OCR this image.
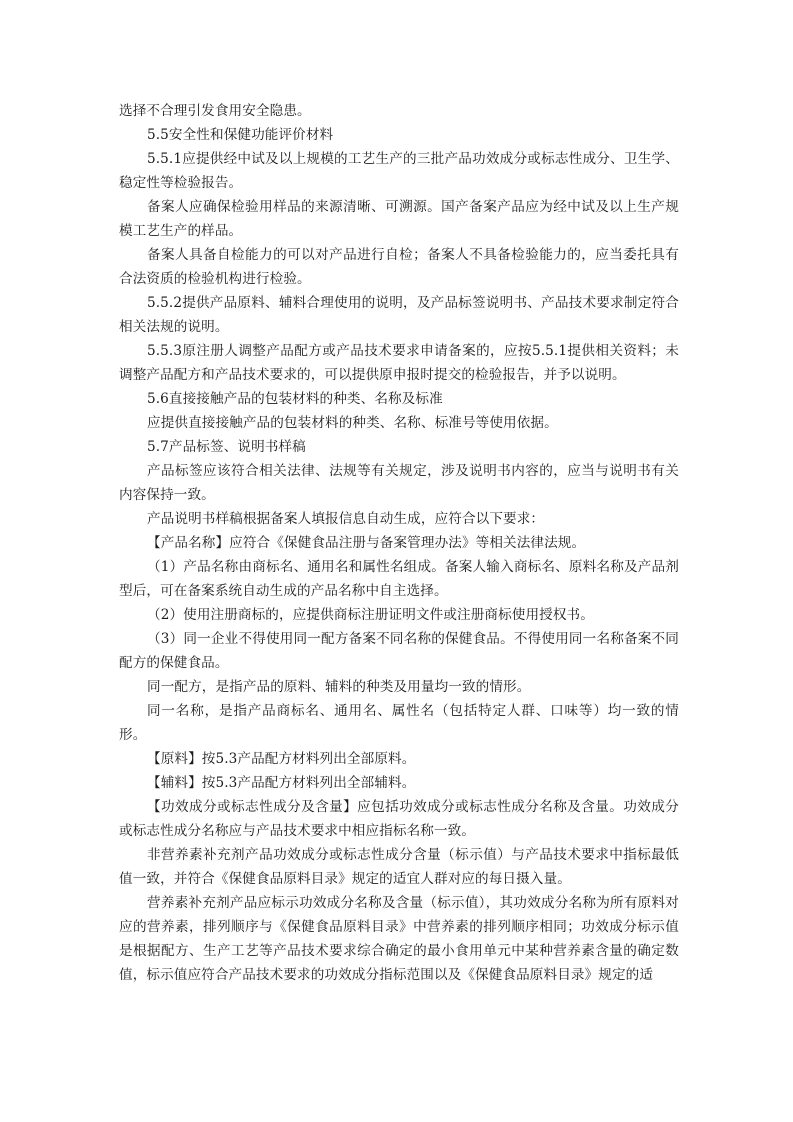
选择不合理引发食用安全隐患。

5.5安全性和保健功能评价材料

5.5.1应提供经中试及以上规模的工艺生产的三批产品功效成分或标志性成分、卫生学、稳定性等检验报告。

备案人应确保检验用样品的来源清晰、可溯源。国产备案产品应为经中试及以上生产规模工艺生产的样品。

备案人具备自检能力的可以对产品进行自检；备案人不具备检验能力的，应当委托具有合法资质的检验机构进行检验。

5.5.2提供产品原料、辅料合理使用的说明，及产品标签说明书、产品技术要求制定符合相关法规的说明。

5.5.3原注册人调整产品配方或产品技术要求申请备案的，应按5.5.1提供相关资料；未调整产品配方和产品技术要求的，可以提供原申报时提交的检验报告，并予以说明。

5.6直接接触产品的包装材料的种类、名称及标准

应提供直接接触产品的包装材料的种类、名称、标准号等使用依据。

5.7产品标签、说明书样稿

产品标签应该符合相关法律、法规等有关规定，涉及说明书内容的，应当与说明书有关内容保持一致。

产品说明书样稿根据备案人填报信息自动生成，应符合以下要求：

【产品名称】应符合《保健食品注册与备案管理办法》等相关法律法规。

（1）产品名称由商标名、通用名和属性名组成。备案人输入商标名、原料名称及产品剂型后，可在备案系统自动生成的产品名称中自主选择。

（2）使用注册商标的，应提供商标注册证明文件或注册商标使用授权书。

（3）同一企业不得使用同一配方备案不同名称的保健食品。不得使用同一名称备案不同配方的保健食品。

同一配方，是指产品的原料、辅料的种类及用量均一致的情形。

同一名称，是指产品商标名、通用名、属性名（包括特定人群、口味等）均一致的情形。

【原料】按5.3产品配方材料列出全部原料。

【辅料】按5.3产品配方材料列出全部辅料。

【功效成分或标志性成分及含量】应包括功效成分或标志性成分名称及含量。功效成分或标志性成分名称应与产品技术要求中相应指标名称一致。

非营养素补充剂产品功效成分或标志性成分含量（标示值）与产品技术要求中指标最低值一致，并符合《保健食品原料目录》规定的适宜人群对应的每日摄入量。

营养素补充剂产品应标示功效成分名称及含量（标示值），其功效成分名称为所有原料对应的营养素，排列顺序与《保健食品原料目录》中营养素的排列顺序相同；功效成分标示值是根据配方、生产工艺等产品技术要求综合确定的最小食用单元中某种营养素含量的确定数值，标示值应符合产品技术要求的功效成分指标范围以及《保健食品原料目录》规定的适
